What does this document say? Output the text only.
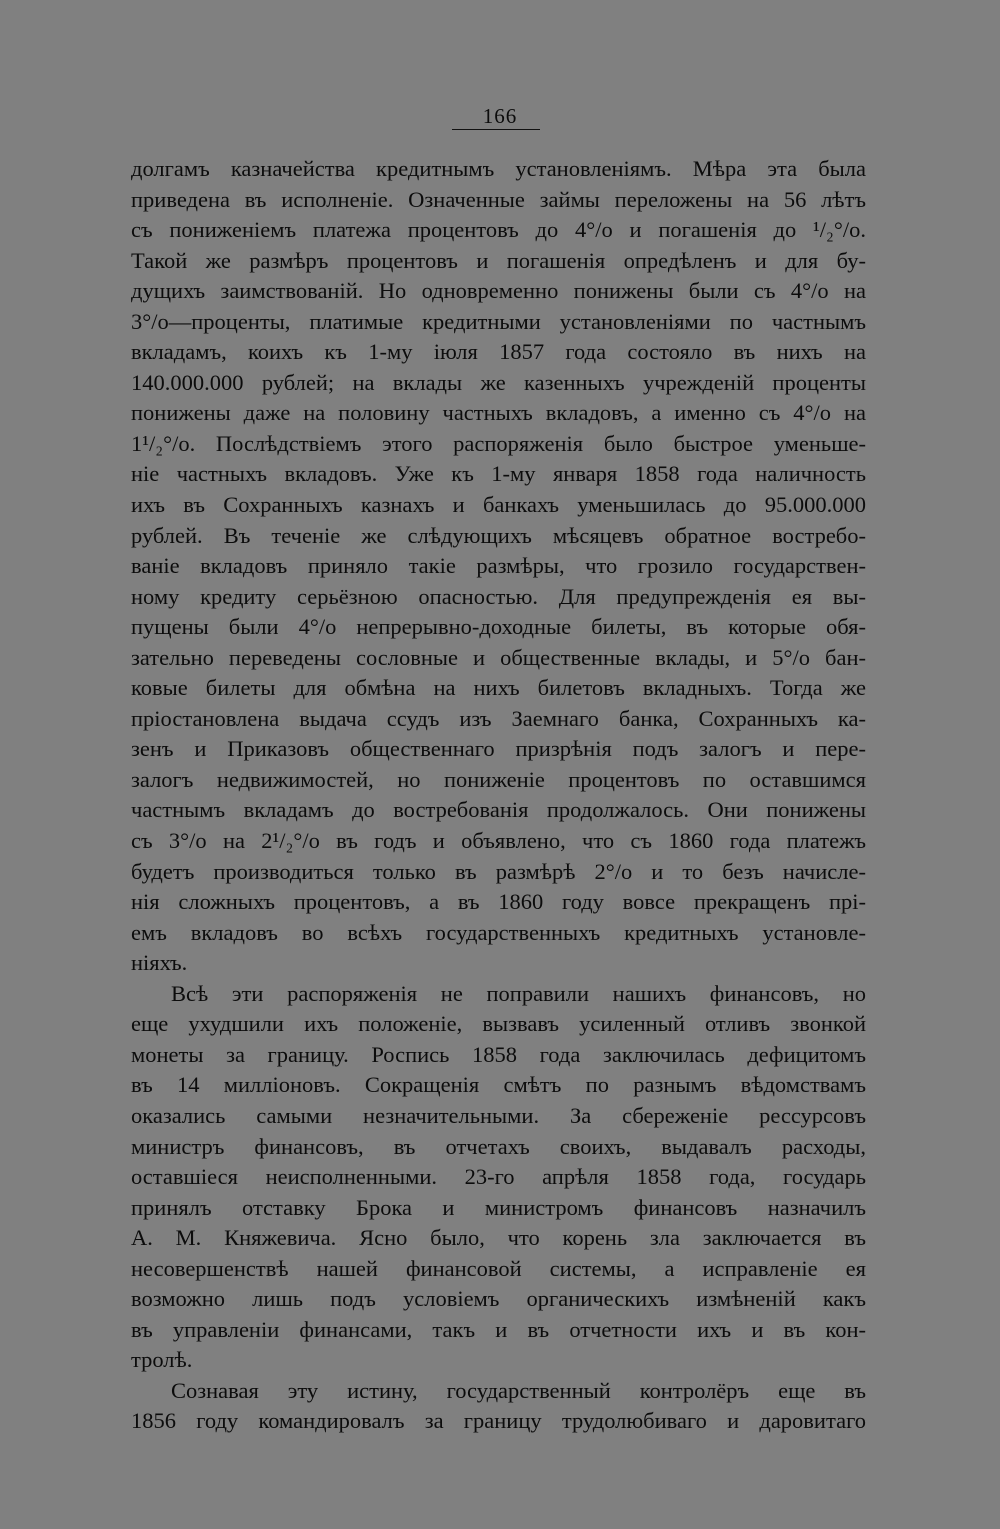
166
долгамъ казначейства кредитнымъ установленіямъ. Мѣра эта была
приведена въ исполненіе. Означенные займы переложены на 56 лѣтъ
съ пониженіемъ платежа процентовъ до 4°/o и погашенія до ¹/₂°/o.
Такой же размѣръ процентовъ и погашенія опредѣленъ и для бу-
дущихъ заимствованій. Но одновременно понижены были съ 4°/o на
3°/o—проценты, платимые кредитными установленіями по частнымъ
вкладамъ, коихъ къ 1-му іюля 1857 года состояло въ нихъ на
140.000.000 рублей; на вклады же казенныхъ учрежденій проценты
понижены даже на половину частныхъ вкладовъ, а именно съ 4°/o на
1¹/₂°/o. Послѣдствіемъ этого распоряженія было быстрое уменьше-
ніе частныхъ вкладовъ. Уже къ 1-му января 1858 года наличность
ихъ въ Сохранныхъ казнахъ и банкахъ уменьшилась до 95.000.000
рублей. Въ теченіе же слѣдующихъ мѣсяцевъ обратное востребо-
ваніе вкладовъ приняло такіе размѣры, что грозило государствен-
ному кредиту серьёзною опасностью. Для предупрежденія ея вы-
пущены были 4°/o непрерывно-доходные билеты, въ которые обя-
зательно переведены сословные и общественные вклады, и 5°/o бан-
ковые билеты для обмѣна на нихъ билетовъ вкладныхъ. Тогда же
пріостановлена выдача ссудъ изъ Заемнаго банка, Сохранныхъ ка-
зенъ и Приказовъ общественнаго призрѣнія подъ залогъ и пере-
залогъ недвижимостей, но пониженіе процентовъ по оставшимся
частнымъ вкладамъ до востребованія продолжалось. Они понижены
съ 3°/o на 2¹/₂°/o въ годъ и объявлено, что съ 1860 года платежъ
будетъ производиться только въ размѣрѣ 2°/o и то безъ начисле-
нія сложныхъ процентовъ, а въ 1860 году вовсе прекращенъ прі-
емъ вкладовъ во всѣхъ государственныхъ кредитныхъ установле-
ніяхъ.
Всѣ эти распоряженія не поправили нашихъ финансовъ, но
еще ухудшили ихъ положеніе, вызвавъ усиленный отливъ звонкой
монеты за границу. Роспись 1858 года заключилась дефицитомъ
въ 14 милліоновъ. Сокращенія смѣтъ по разнымъ вѣдомствамъ
оказались самыми незначительными. За сбереженіе рессурсовъ
министръ финансовъ, въ отчетахъ своихъ, выдавалъ расходы,
оставшіеся неисполненными. 23-го апрѣля 1858 года, государь
принялъ отставку Брока и министромъ финансовъ назначилъ
А. М. Княжевича. Ясно было, что корень зла заключается въ
несовершенствѣ нашей финансовой системы, а исправленіе ея
возможно лишь подъ условіемъ органическихъ измѣненій какъ
въ управленіи финансами, такъ и въ отчетности ихъ и въ кон-
тролѣ.
Сознавая эту истину, государственный контролёръ еще въ
1856 году командировалъ за границу трудолюбиваго и даровитаго
